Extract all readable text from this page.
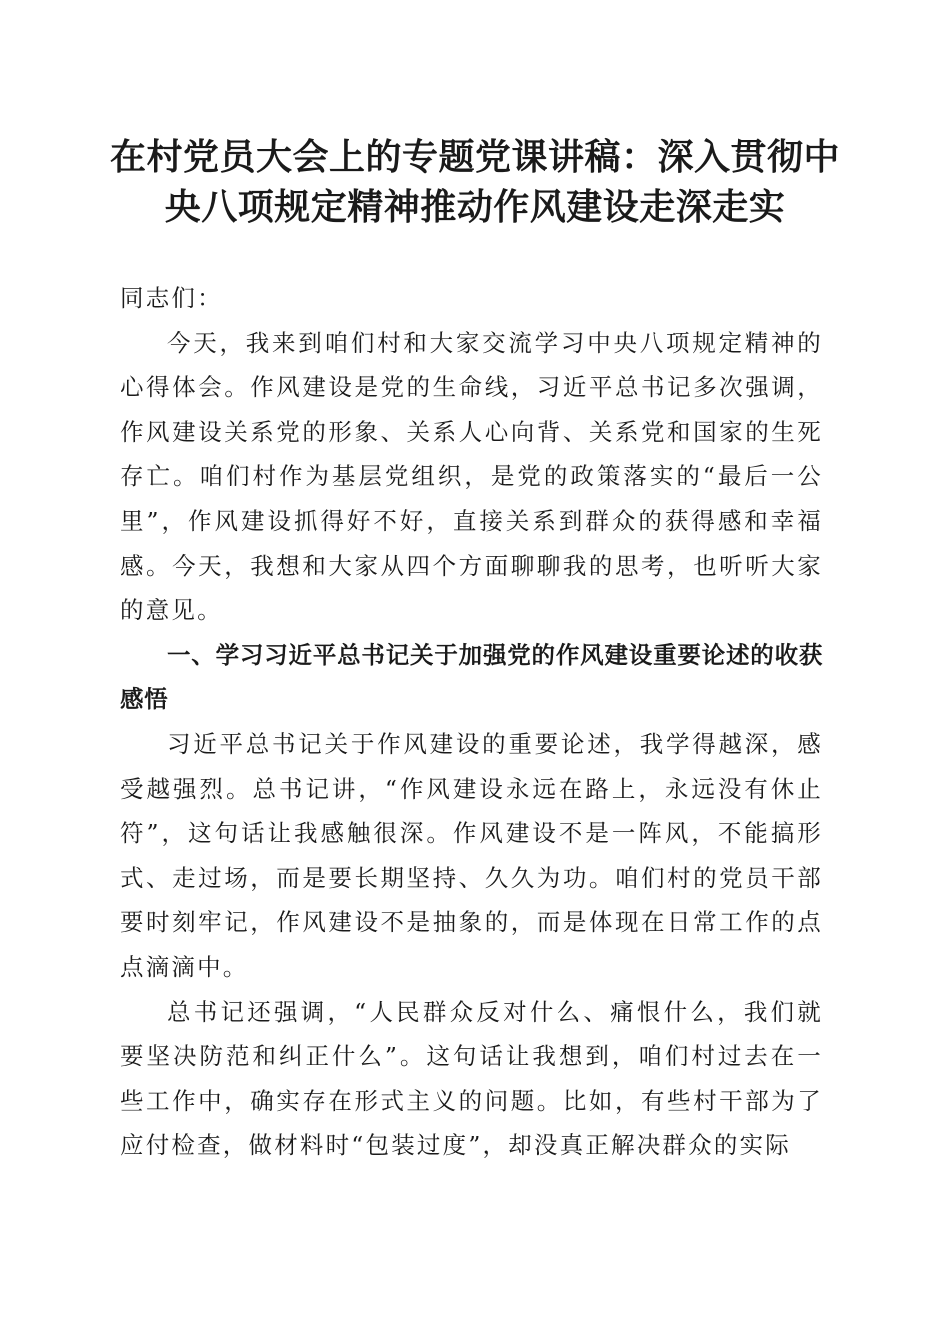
在村党员大会上的专题党课讲稿：深入贯彻中
央八项规定精神推动作风建设走深走实

同志们：

今天，我来到咱们村和大家交流学习中央八项规定精神的心得体会。作风建设是党的生命线，习近平总书记多次强调，作风建设关系党的形象、关系人心向背、关系党和国家的生死存亡。咱们村作为基层党组织，是党的政策落实的“最后一公里”，作风建设抓得好不好，直接关系到群众的获得感和幸福感。今天，我想和大家从四个方面聊聊我的思考，也听听大家的意见。

一、学习习近平总书记关于加强党的作风建设重要论述的收获感悟

习近平总书记关于作风建设的重要论述，我学得越深，感受越强烈。总书记讲，“作风建设永远在路上，永远没有休止符”，这句话让我感触很深。作风建设不是一阵风，不能搞形式、走过场，而是要长期坚持、久久为功。咱们村的党员干部要时刻牢记，作风建设不是抽象的，而是体现在日常工作的点点滴滴中。

总书记还强调，“人民群众反对什么、痛恨什么，我们就要坚决防范和纠正什么”。这句话让我想到，咱们村过去在一些工作中，确实存在形式主义的问题。比如，有些村干部为了应付检查，做材料时“包装过度”，却没真正解决群众的实际
